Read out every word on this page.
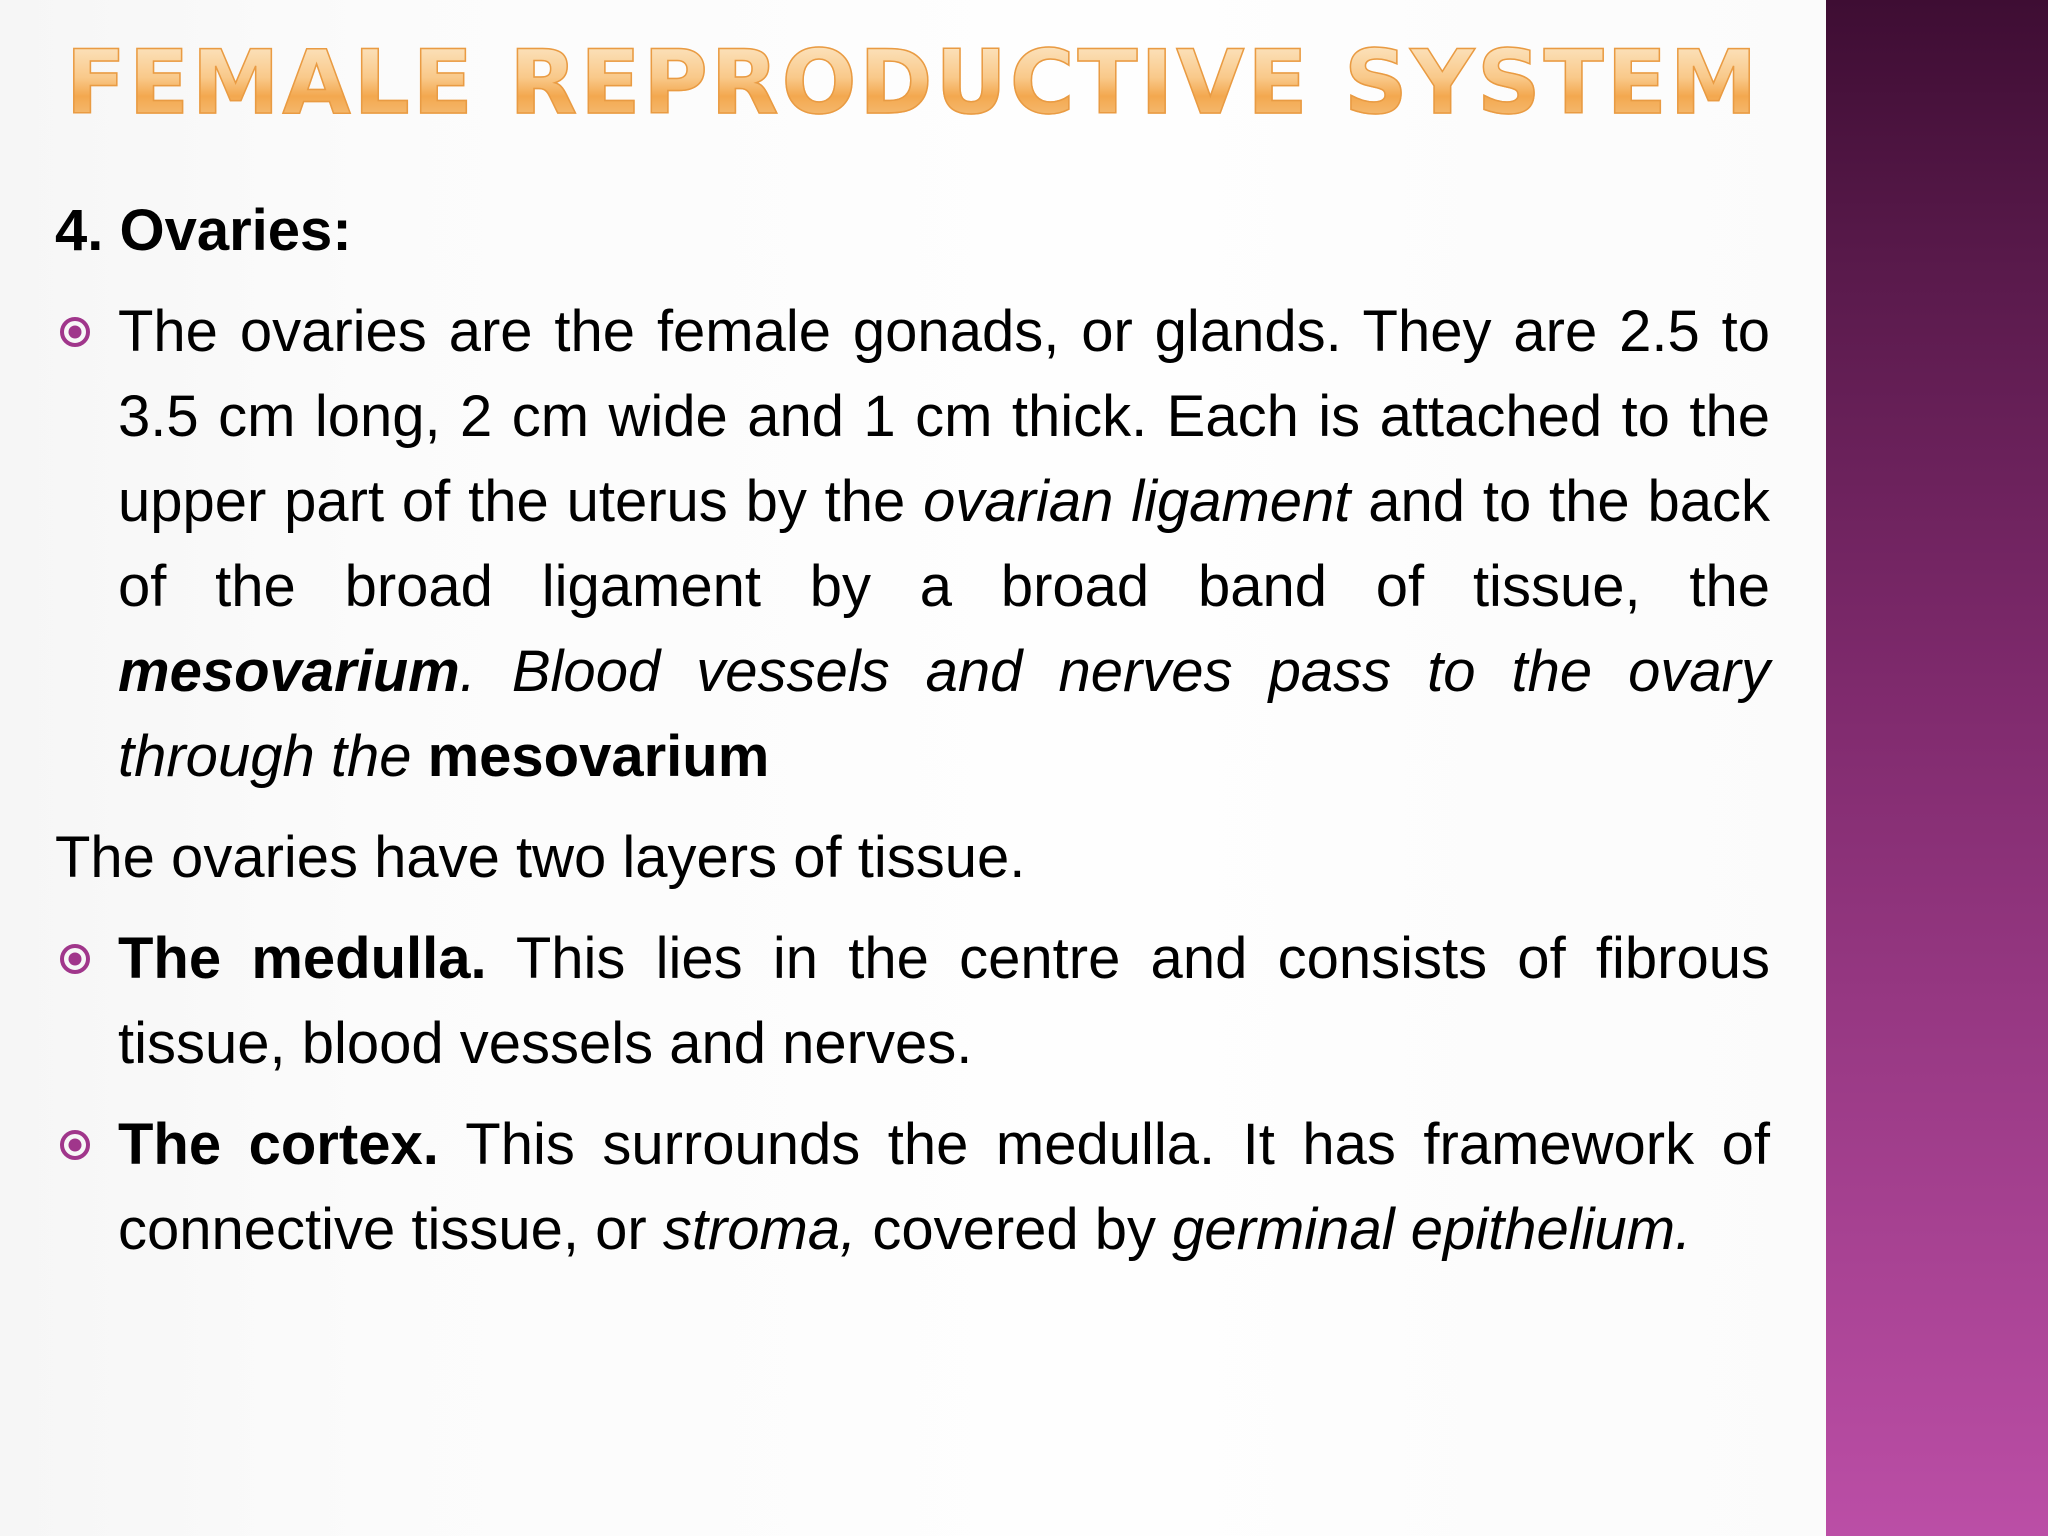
FEMALE REPRODUCTIVE SYSTEM
4. Ovaries:
The ovaries are the female gonads, or glands. They are 2.5 to 3.5 cm long, 2 cm wide and 1 cm thick. Each is attached to the upper part of the uterus by the ovarian ligament and to the back of the broad ligament by a broad band of tissue, the mesovarium. Blood vessels and nerves pass to the ovary through the mesovarium
The ovaries have two layers of tissue.
The medulla. This lies in the centre and consists of fibrous tissue, blood vessels and nerves.
The cortex. This surrounds the medulla. It has framework of connective tissue, or stroma, covered by germinal epithelium.
